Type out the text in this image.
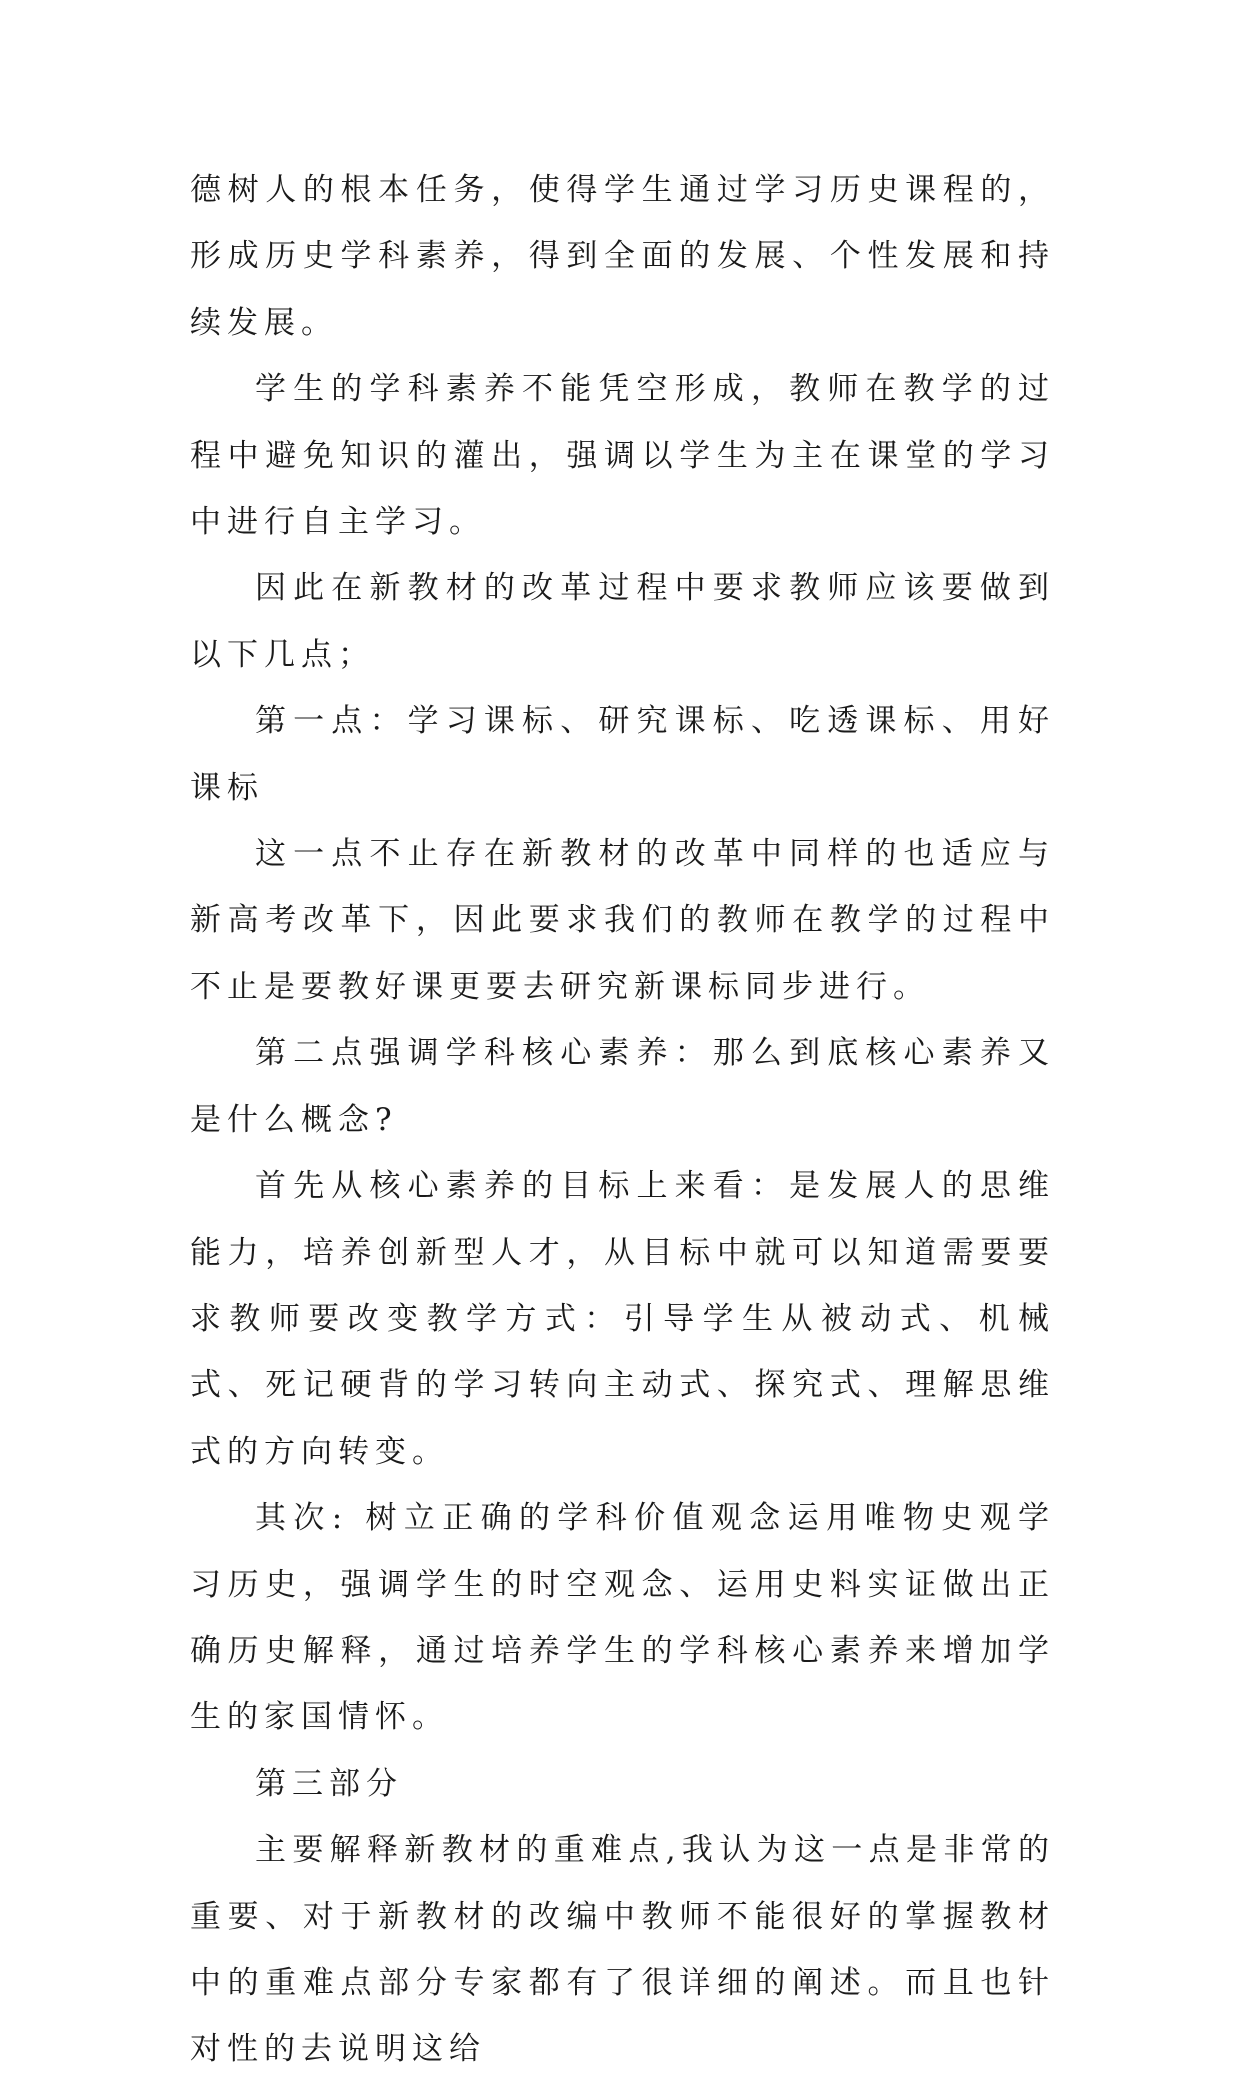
德树人的根本任务，使得学生通过学习历史课程的，形成历史学科素养，得到全面的发展、个性发展和持续发展。

学生的学科素养不能凭空形成，教师在教学的过程中避免知识的灌出，强调以学生为主在课堂的学习中进行自主学习。

因此在新教材的改革过程中要求教师应该要做到以下几点；

第一点：学习课标、研究课标、吃透课标、用好课标

这一点不止存在新教材的改革中同样的也适应与新高考改革下，因此要求我们的教师在教学的过程中不止是要教好课更要去研究新课标同步进行。

第二点强调学科核心素养：那么到底核心素养又是什么概念?

首先从核心素养的目标上来看：是发展人的思维能力，培养创新型人才，从目标中就可以知道需要要求教师要改变教学方式：引导学生从被动式、机械式、死记硬背的学习转向主动式、探究式、理解思维式的方向转变。

其次: 树立正确的学科价值观念运用唯物史观学习历史，强调学生的时空观念、运用史料实证做出正确历史解释，通过培养学生的学科核心素养来增加学生的家国情怀。

第三部分

主要解释新教材的重难点,我认为这一点是非常的重要、对于新教材的改编中教师不能很好的掌握教材中的重难点部分专家都有了很详细的阐述。而且也针对性的去说明这给
